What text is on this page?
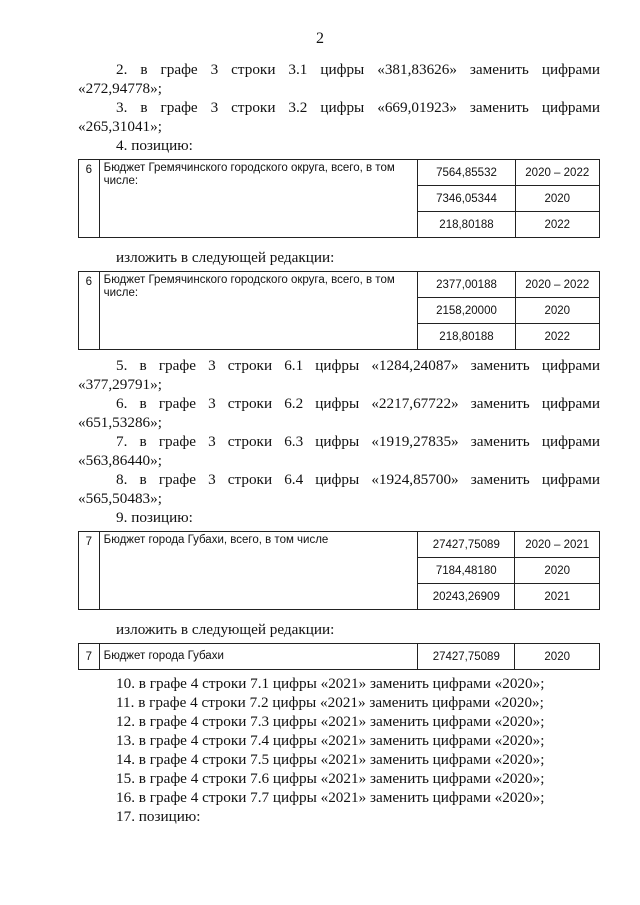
2
2. в графе 3 строки 3.1 цифры «381,83626» заменить цифрами
«272,94778»;
3. в графе 3 строки 3.2 цифры «669,01923» заменить цифрами
«265,31041»;
4. позицию:
6	Бюджет Гремячинского городского округа, всего, в том числе:	7564,85532	2020 – 2022
		7346,05344	2020
		218,80188	2022
изложить в следующей редакции:
6	Бюджет Гремячинского городского округа, всего, в том числе:	2377,00188	2020 – 2022
		2158,20000	2020
		218,80188	2022
5. в графе 3 строки 6.1 цифры «1284,24087» заменить цифрами
«377,29791»;
6. в графе 3 строки 6.2 цифры «2217,67722» заменить цифрами
«651,53286»;
7. в графе 3 строки 6.3 цифры «1919,27835» заменить цифрами
«563,86440»;
8. в графе 3 строки 6.4 цифры «1924,85700» заменить цифрами
«565,50483»;
9. позицию:
7	Бюджет города Губахи, всего, в том числе	27427,75089	2020 – 2021
		7184,48180	2020
		20243,26909	2021
изложить в следующей редакции:
7	Бюджет города Губахи	27427,75089	2020
10. в графе 4 строки 7.1 цифры «2021» заменить цифрами «2020»;
11. в графе 4 строки 7.2 цифры «2021» заменить цифрами «2020»;
12. в графе 4 строки 7.3 цифры «2021» заменить цифрами «2020»;
13. в графе 4 строки 7.4 цифры «2021» заменить цифрами «2020»;
14. в графе 4 строки 7.5 цифры «2021» заменить цифрами «2020»;
15. в графе 4 строки 7.6 цифры «2021» заменить цифрами «2020»;
16. в графе 4 строки 7.7 цифры «2021» заменить цифрами «2020»;
17. позицию:
